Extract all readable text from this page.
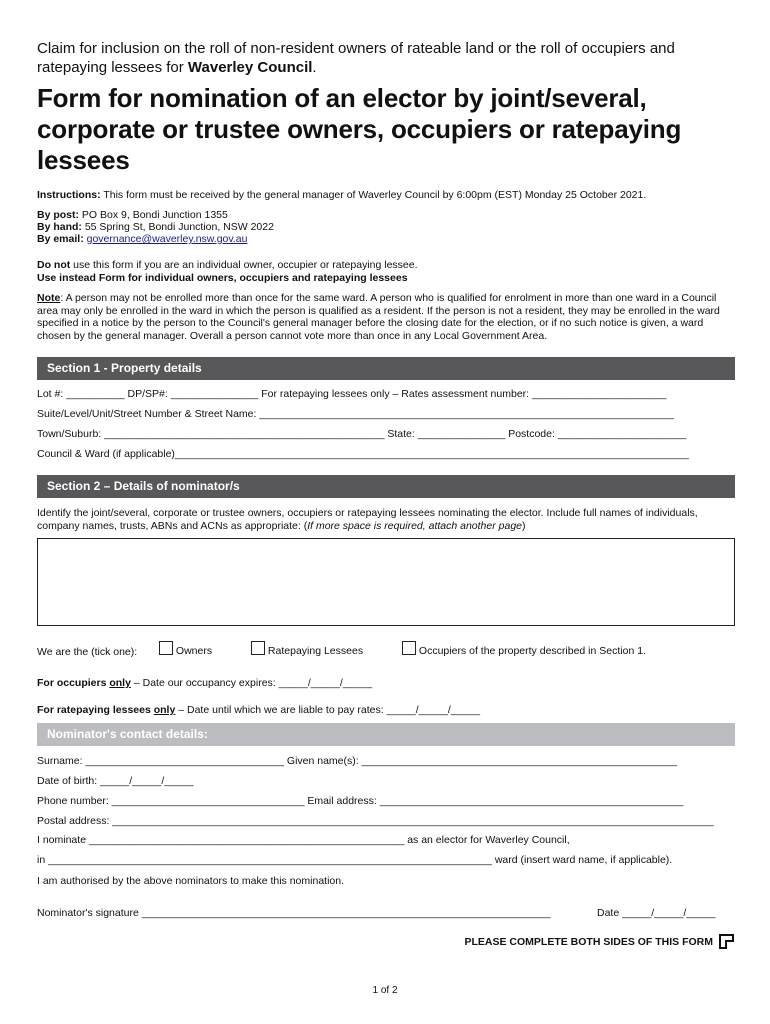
Claim for inclusion on the roll of non-resident owners of rateable land or the roll of occupiers and ratepaying lessees for Waverley Council.
Form for nomination of an elector by joint/several, corporate or trustee owners, occupiers or ratepaying lessees
Instructions: This form must be received by the general manager of Waverley Council by 6:00pm (EST) Monday 25 October 2021.
By post: PO Box 9, Bondi Junction 1355
By hand: 55 Spring St, Bondi Junction, NSW 2022
By email: governance@waverley.nsw.gov.au
Do not use this form if you are an individual owner, occupier or ratepaying lessee.
Use instead Form for individual owners, occupiers and ratepaying lessees
Note: A person may not be enrolled more than once for the same ward. A person who is qualified for enrolment in more than one ward in a Council area may only be enrolled in the ward in which the person is qualified as a resident. If the person is not a resident, they may be enrolled in the ward specified in a notice by the person to the Council's general manager before the closing date for the election, or if no such notice is given, a ward chosen by the general manager. Overall a person cannot vote more than once in any Local Government Area.
Section 1 - Property details
Lot #: __________ DP/SP#: _______________ For ratepaying lessees only – Rates assessment number: _______________________
Suite/Level/Unit/Street Number & Street Name: _______________________________________________________________________
Town/Suburb: ________________________________________________ State: _______________ Postcode: ______________________
Council & Ward (if applicable)________________________________________________________________________________________
Section 2 – Details of nominator/s
Identify the joint/several, corporate or trustee owners, occupiers or ratepaying lessees nominating the elector. Include full names of individuals, company names, trusts, ABNs and ACNs as appropriate: (If more space is required, attach another page)
We are the (tick one):	Owners	Ratepaying Lessees	Occupiers of the property described in Section 1.
For occupiers only – Date our occupancy expires: _____/_____/_____
For ratepaying lessees only – Date until which we are liable to pay rates: _____/_____/_____
Nominator's contact details:
Surname: __________________________________ Given name(s): ______________________________________________________
Date of birth: _____/_____/_____
Phone number: _________________________________ Email address: ____________________________________________________
Postal address: _______________________________________________________________________________________________________
I nominate ______________________________________________________ as an elector for Waverley Council,
in ____________________________________________________________________________ ward (insert ward name, if applicable).
I am authorised by the above nominators to make this nomination.
Nominator's signature ______________________________________________________________________	Date _____/_____/_____
PLEASE COMPLETE BOTH SIDES OF THIS FORM
1 of 2
